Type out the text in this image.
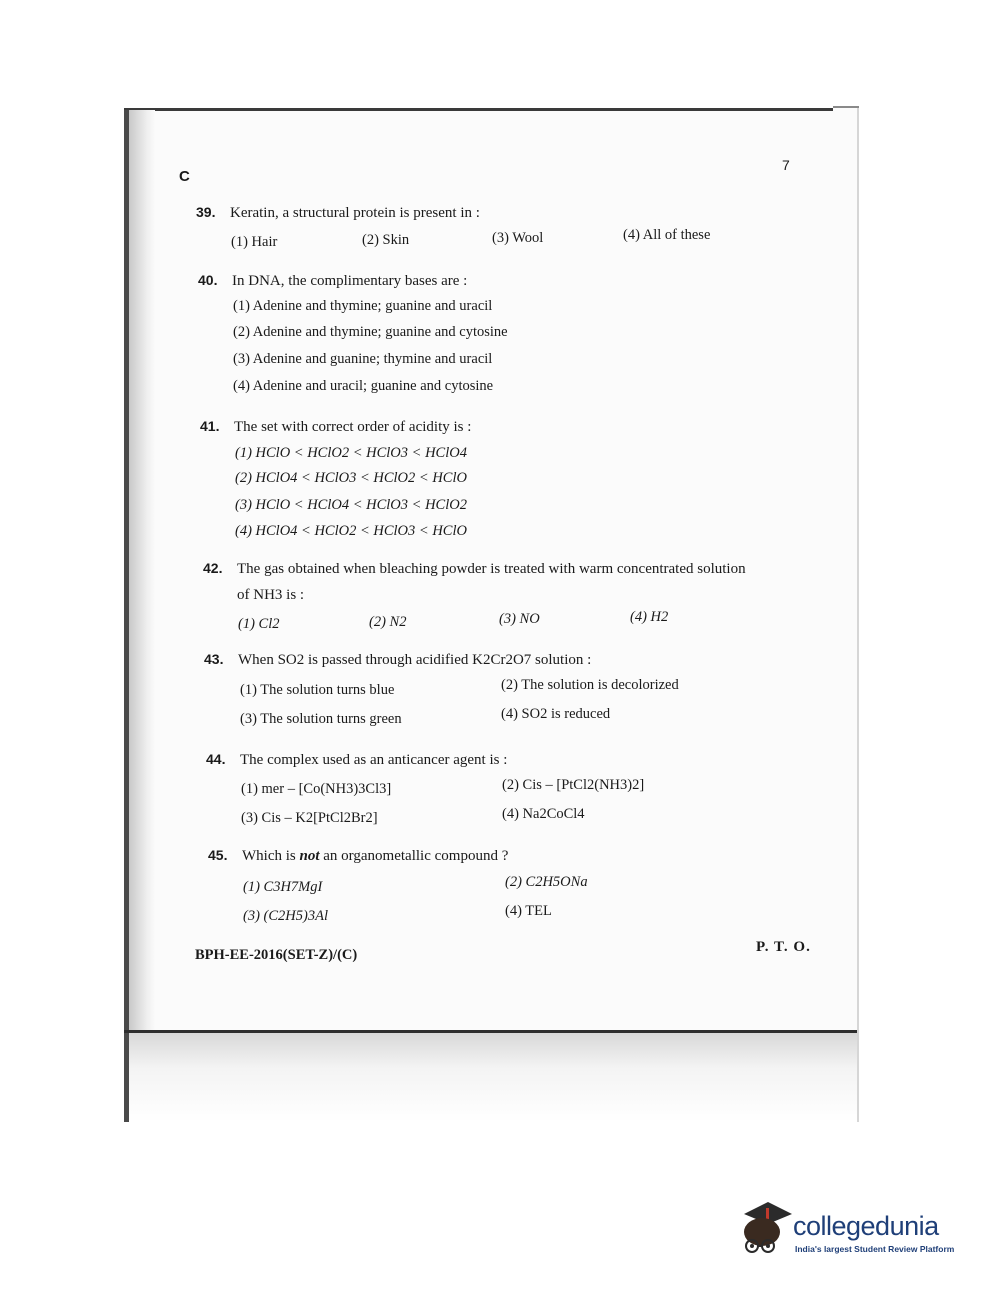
C
7
39. Keratin, a structural protein is present in :
(1) Hair	(2) Skin	(3) Wool	(4) All of these
40. In DNA, the complimentary bases are :
(1) Adenine and thymine; guanine and uracil
(2) Adenine and thymine; guanine and cytosine
(3) Adenine and guanine; thymine and uracil
(4) Adenine and uracil; guanine and cytosine
41. The set with correct order of acidity is :
(1) HClO < HClO2 < HClO3 < HClO4
(2) HClO4 < HClO3 < HClO2 < HClO
(3) HClO < HClO4 < HClO3 < HClO2
(4) HClO4 < HClO2 < HClO3 < HClO
42. The gas obtained when bleaching powder is treated with warm concentrated solution
of NH3 is :
(1) Cl2	(2) N2	(3) NO	(4) H2
43. When SO2 is passed through acidified K2Cr2O7 solution :
(1) The solution turns blue	(2) The solution is decolorized
(3) The solution turns green	(4) SO2 is reduced
44. The complex used as an anticancer agent is :
(1) mer – [Co(NH3)3Cl3]	(2) Cis – [PtCl2(NH3)2]
(3) Cis – K2[PtCl2Br2]	(4) Na2CoCl4
45. Which is not an organometallic compound ?
(1) C3H7MgI	(2) C2H5ONa
(3) (C2H5)3Al	(4) TEL
BPH-EE-2016(SET-Z)/(C)	P. T. O.
collegedunia
India's largest Student Review Platform
